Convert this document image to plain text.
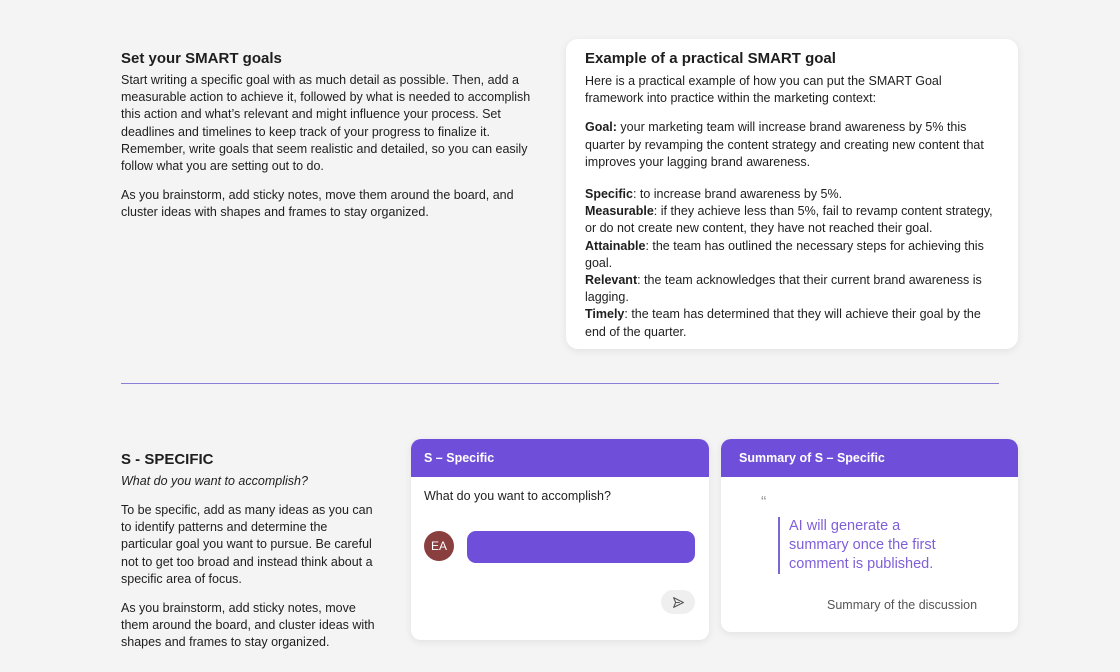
Set your SMART goals

Start writing a specific goal with as much detail as possible. Then, add a measurable action to achieve it, followed by what is needed to accomplish this action and what’s relevant and might influence your process. Set deadlines and timelines to keep track of your progress to finalize it. Remember, write goals that seem realistic and detailed, so you can easily follow what you are setting out to do.

As you brainstorm, add sticky notes, move them around the board, and cluster ideas with shapes and frames to stay organized.

Example of a practical SMART goal

Here is a practical example of how you can put the SMART Goal framework into practice within the marketing context:

Goal: your marketing team will increase brand awareness by 5% this quarter by revamping the content strategy and creating new content that improves your lagging brand awareness.

Specific: to increase brand awareness by 5%.

Measurable: if they achieve less than 5%, fail to revamp content strategy, or do not create new content, they have not reached their goal.

Attainable: the team has outlined the necessary steps for achieving this goal.

Relevant: the team acknowledges that their current brand awareness is lagging.

Timely: the team has determined that they will achieve their goal by the end of the quarter.

S - SPECIFIC

What do you want to accomplish?

To be specific, add as many ideas as you can to identify patterns and determine the particular goal you want to pursue. Be careful not to get too broad and instead think about a specific area of focus.

As you brainstorm, add sticky notes, move them around the board, and cluster ideas with shapes and frames to stay organized.

S – Specific

What do you want to accomplish?

EA
Summary of S – Specific
“

AI will generate a summary once the first comment is published.

Summary of the discussion
